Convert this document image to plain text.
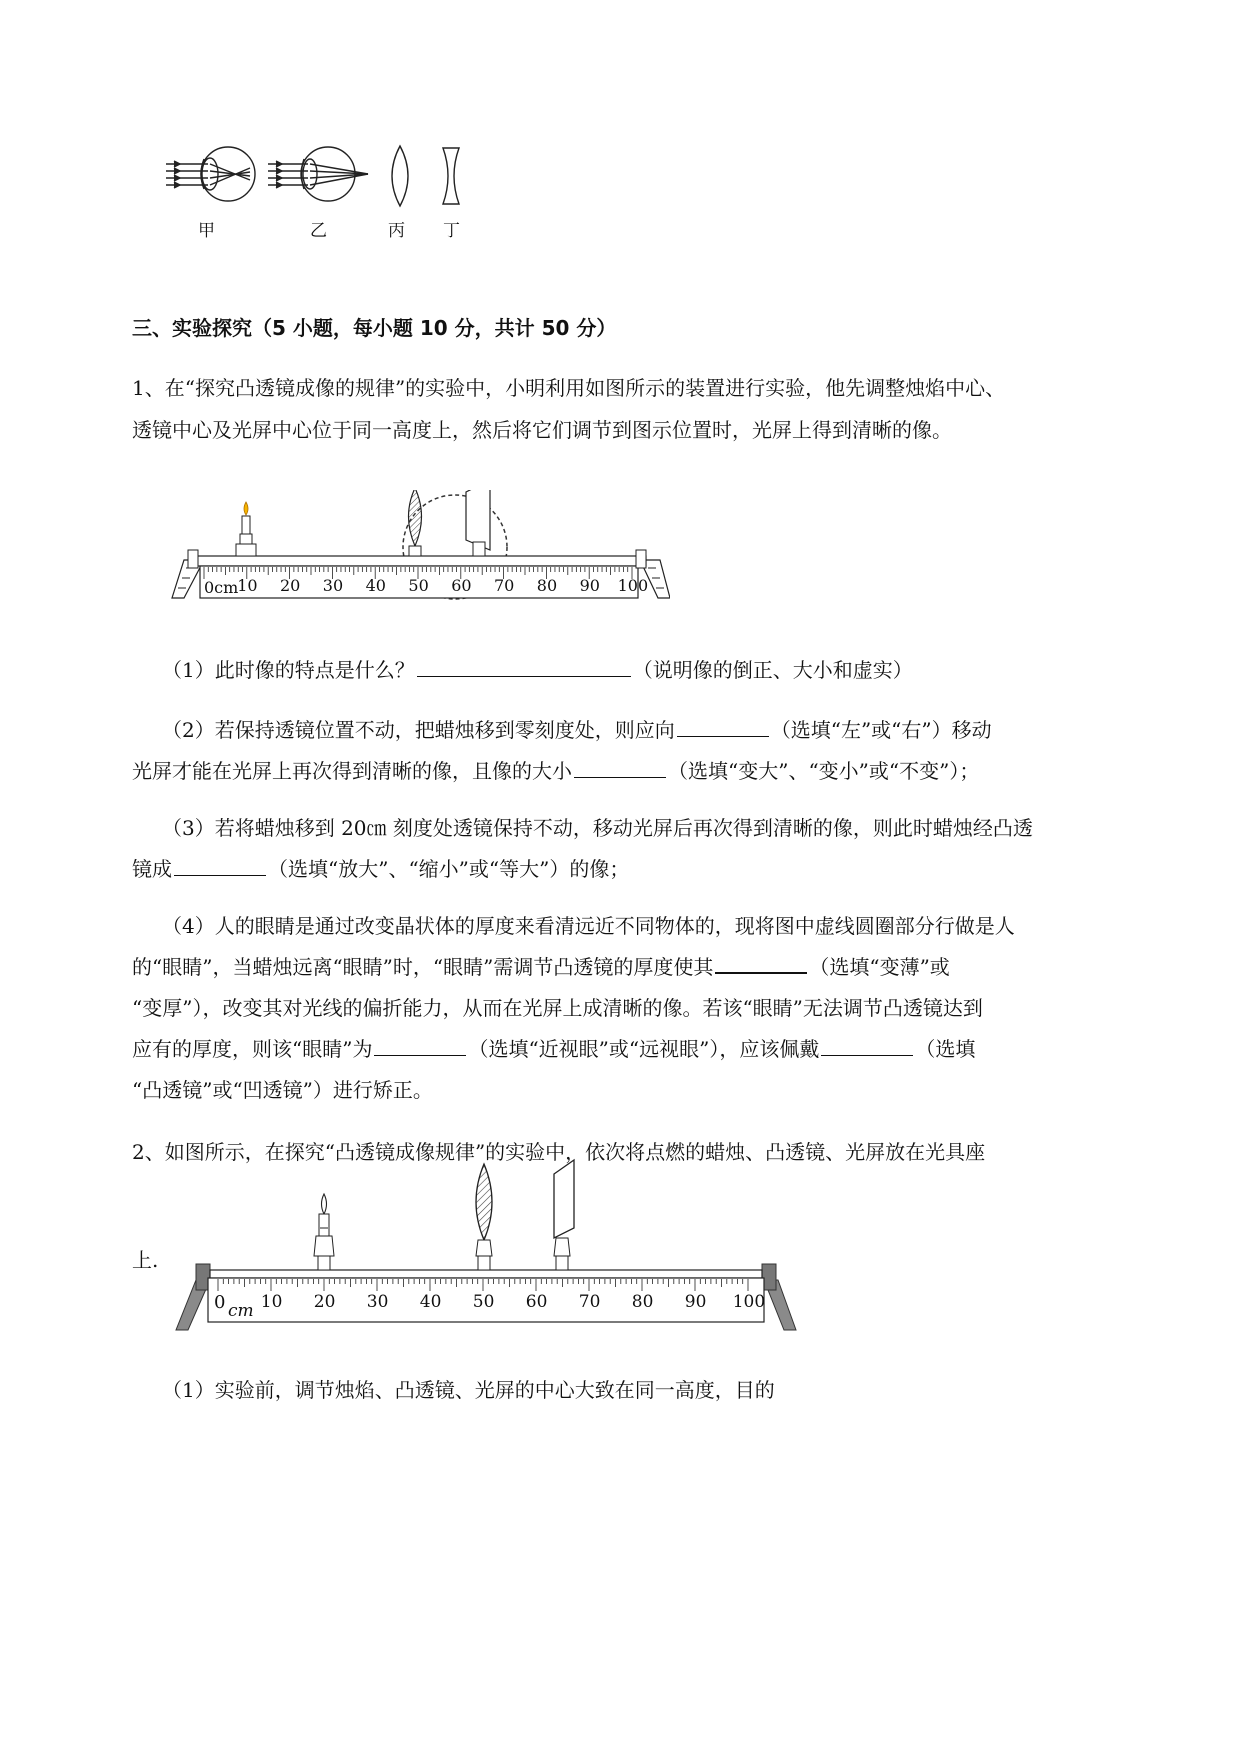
甲	乙	丙 丁
三、实验探究（5 小题，每小题 10 分，共计 50 分）
1、在“探究凸透镜成像的规律”的实验中，小明利用如图所示的装置进行实验，他先调整烛焰中心、
透镜中心及光屏中心位于同一高度上，然后将它们调节到图示位置时，光屏上得到清晰的像。
0cm
10 20 30 40 50 60 70 80 90 100
（1）此时像的特点是什么？	（说明像的倒正、大小和虚实）
（2）若保持透镜位置不动，把蜡烛移到零刻度处，则应向	（选填“左”或“右”）移动
光屏才能在光屏上再次得到清晰的像，且像的大小	（选填“变大”、“变小”或“不变”）；
（3）若将蜡烛移到 20㎝ 刻度处透镜保持不动，移动光屏后再次得到清晰的像，则此时蜡烛经凸透
镜成	（选填“放大”、“缩小”或“等大”）的像；
（4）人的眼睛是通过改变晶状体的厚度来看清远近不同物体的，现将图中虚线圆圈部分行做是人
的“眼睛”，当蜡烛远离“眼睛”时，“眼睛”需调节凸透镜的厚度使其	（选填“变薄”或
“变厚”），改变其对光线的偏折能力，从而在光屏上成清晰的像。若该“眼睛”无法调节凸透镜达到
应有的厚度，则该“眼睛”为	（选填“近视眼”或“远视眼”），应该佩戴	（选填
“凸透镜”或“凹透镜”）进行矫正。
2、如图所示，在探究“凸透镜成像规律”的实验中，依次将点燃的蜡烛、凸透镜、光屏放在光具座
上.
0 cm 10 20 30 40 50 60 70 80 90 100
（1）实验前，调节烛焰、凸透镜、光屏的中心大致在同一高度，目的
